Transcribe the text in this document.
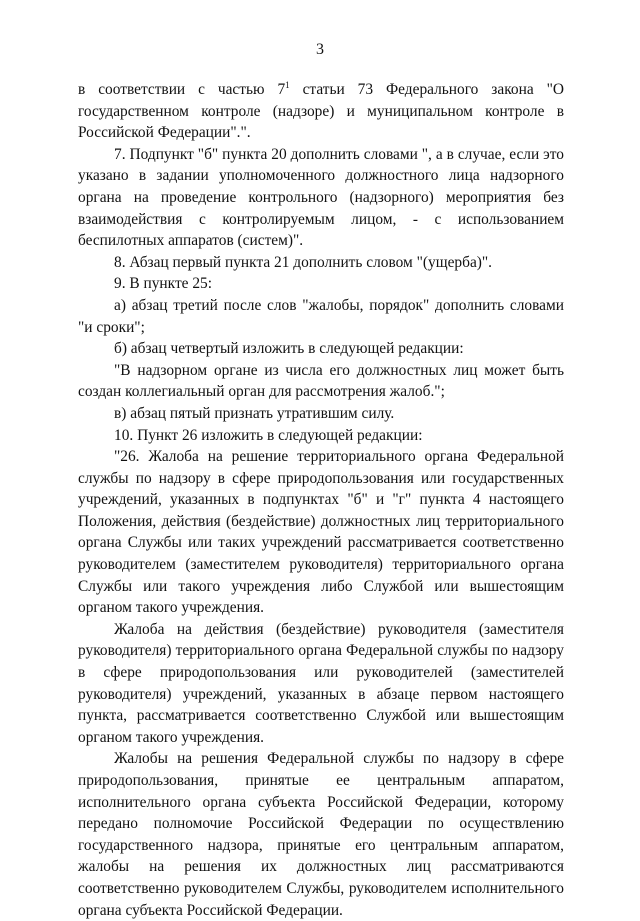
3

в соответствии с частью $7^1$ статьи 73 Федерального закона "О государственном контроле (надзоре) и муниципальном контроле в Российской Федерации".".

7. Подпункт "б" пункта 20 дополнить словами ", а в случае, если это указано в задании уполномоченного должностного лица надзорного органа на проведение контрольного (надзорного) мероприятия без взаимодействия с контролируемым лицом, - с использованием беспилотных аппаратов (систем)".

8. Абзац первый пункта 21 дополнить словом "(ущерба)".

9. В пункте 25:

а) абзац третий после слов "жалобы, порядок" дополнить словами "и сроки";

б) абзац четвертый изложить в следующей редакции:

"В надзорном органе из числа его должностных лиц может быть создан коллегиальный орган для рассмотрения жалоб.";

в) абзац пятый признать утратившим силу.

10. Пункт 26 изложить в следующей редакции:

"26. Жалоба на решение территориального органа Федеральной службы по надзору в сфере природопользования или государственных учреждений, указанных в подпунктах "б" и "г" пункта 4 настоящего Положения, действия (бездействие) должностных лиц территориального органа Службы или таких учреждений рассматривается соответственно руководителем (заместителем руководителя) территориального органа Службы или такого учреждения либо Службой или вышестоящим органом такого учреждения.

Жалоба на действия (бездействие) руководителя (заместителя руководителя) территориального органа Федеральной службы по надзору в сфере природопользования или руководителей (заместителей руководителя) учреждений, указанных в абзаце первом настоящего пункта, рассматривается соответственно Службой или вышестоящим органом такого учреждения.

Жалобы на решения Федеральной службы по надзору в сфере природопользования, принятые ее центральным аппаратом, исполнительного органа субъекта Российской Федерации, которому передано полномочие Российской Федерации по осуществлению государственного надзора, принятые его центральным аппаратом, жалобы на решения их должностных лиц рассматриваются соответственно руководителем Службы, руководителем исполнительного органа субъекта Российской Федерации.
